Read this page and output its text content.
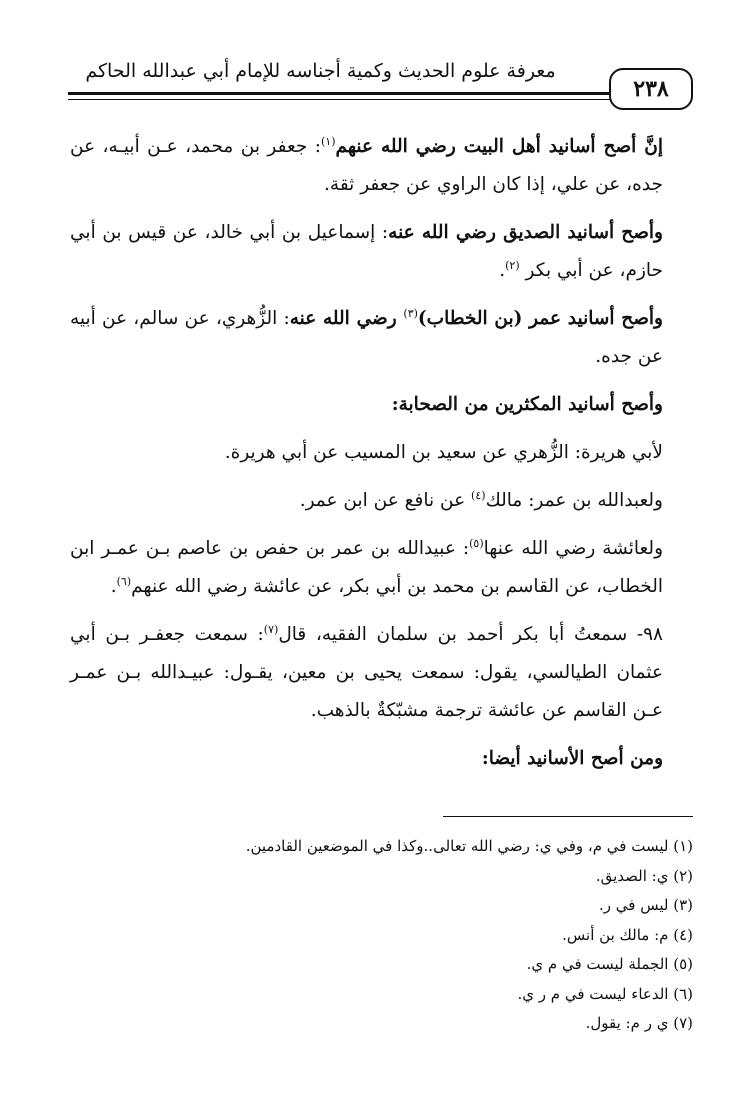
٢٣٨
معرفة علوم الحديث وكمية أجناسه للإمام أبي عبدالله الحاكم

إنَّ أصح أسانيد أهل البيت رضي الله عنهم$^{(١)}$: جعفر بن محمد، عـن أبيـه، عن جده، عن علي، إذا كان الراوي عن جعفر ثقة.

وأصح أسانيد الصديق رضي الله عنه: إسماعيل بن أبي خالد، عن قيس بن أبي حازم، عن أبي بكر $^{(٢)}$.

وأصح أسانيد عمر (بن الخطاب)$^{(٣)}$ رضي الله عنه: الزُّهري، عن سالم، عن أبيه عن جده.

وأصح أسانيد المكثرين من الصحابة:

لأبي هريرة: الزُّهري عن سعيد بن المسيب عن أبي هريرة.

ولعبدالله بن عمر: مالك$^{(٤)}$ عن نافع عن ابن عمر.

ولعائشة رضي الله عنها$^{(٥)}$: عبيدالله بن عمر بن حفص بن عاصم بـن عمـر ابن الخطاب، عن القاسم بن محمد بن أبي بكر، عن عائشة رضي الله عنهم$^{(٦)}$.

٩٨- سمعتُ أبا بكر أحمد بن سلمان الفقيه، قال$^{(٧)}$: سمعت جعفـر بـن أبي عثمان الطيالسي، يقول: سمعت يحيى بن معين، يقـول: عبيـدالله بـن عمـر عـن القاسم عن عائشة ترجمة مشبّكةٌ بالذهب.

ومن أصح الأسانيد أيضا:

(١) ليست في م، وفي ي: رضي الله تعالى..وكذا في الموضعين القادمين.
(٢) ي: الصديق.
(٣) ليس في ر.
(٤) م: مالك بن أنس.
(٥) الجملة ليست في م ي.
(٦) الدعاء ليست في م ر ي.
(٧) ي ر م: يقول.
